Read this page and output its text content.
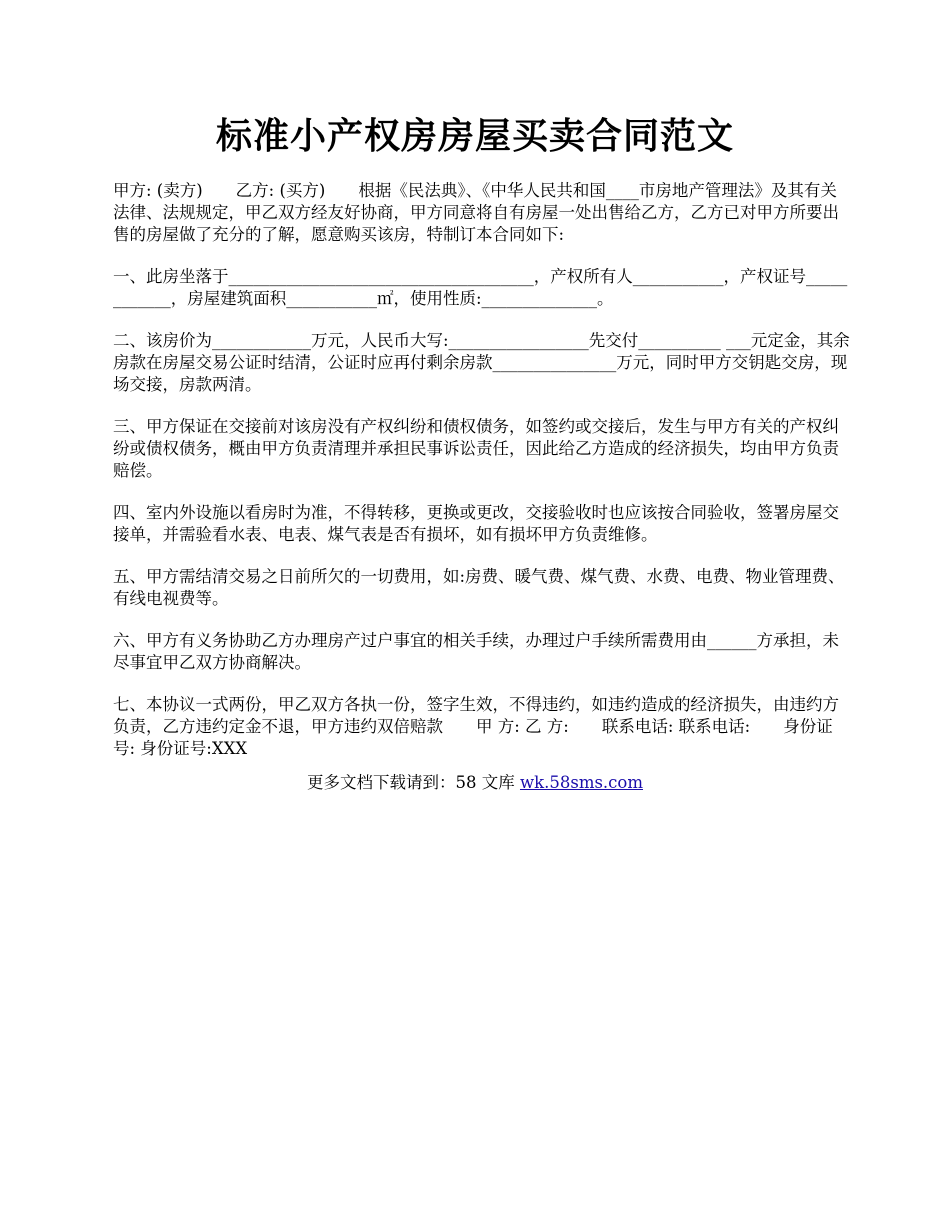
标准小产权房房屋买卖合同范文

甲方: (卖方)　　乙方: (买方)　　根据《民法典》、《中华人民共和国____市房地产管理法》及其有关法律、法规规定，甲乙双方经友好协商，甲方同意将自有房屋一处出售给乙方，乙方已对甲方所要出售的房屋做了充分的了解，愿意购买该房，特制订本合同如下:

一、此房坐落于_____________________________________，产权所有人___________，产权证号____________，房屋建筑面积___________㎡，使用性质:______________。

二、该房价为____________万元，人民币大写:_________________先交付__________ ___元定金，其余房款在房屋交易公证时结清，公证时应再付剩余房款_______________万元，同时甲方交钥匙交房，现场交接，房款两清。

三、甲方保证在交接前对该房没有产权纠纷和债权债务，如签约或交接后，发生与甲方有关的产权纠纷或债权债务，概由甲方负责清理并承担民事诉讼责任，因此给乙方造成的经济损失，均由甲方负责赔偿。

四、室内外设施以看房时为准，不得转移，更换或更改，交接验收时也应该按合同验收，签署房屋交接单，并需验看水表、电表、煤气表是否有损坏，如有损坏甲方负责维修。

五、甲方需结清交易之日前所欠的一切费用，如:房费、暖气费、煤气费、水费、电费、物业管理费、有线电视费等。

六、甲方有义务协助乙方办理房产过户事宜的相关手续，办理过户手续所需费用由______方承担，未尽事宜甲乙双方协商解决。

七、本协议一式两份，甲乙双方各执一份，签字生效，不得违约，如违约造成的经济损失，由违约方负责，乙方违约定金不退，甲方违约双倍赔款　　甲 方: 乙 方:　　联系电话: 联系电话:　　身份证号: 身份证号:XXX

更多文档下载请到：58 文库 wk.58sms.com
